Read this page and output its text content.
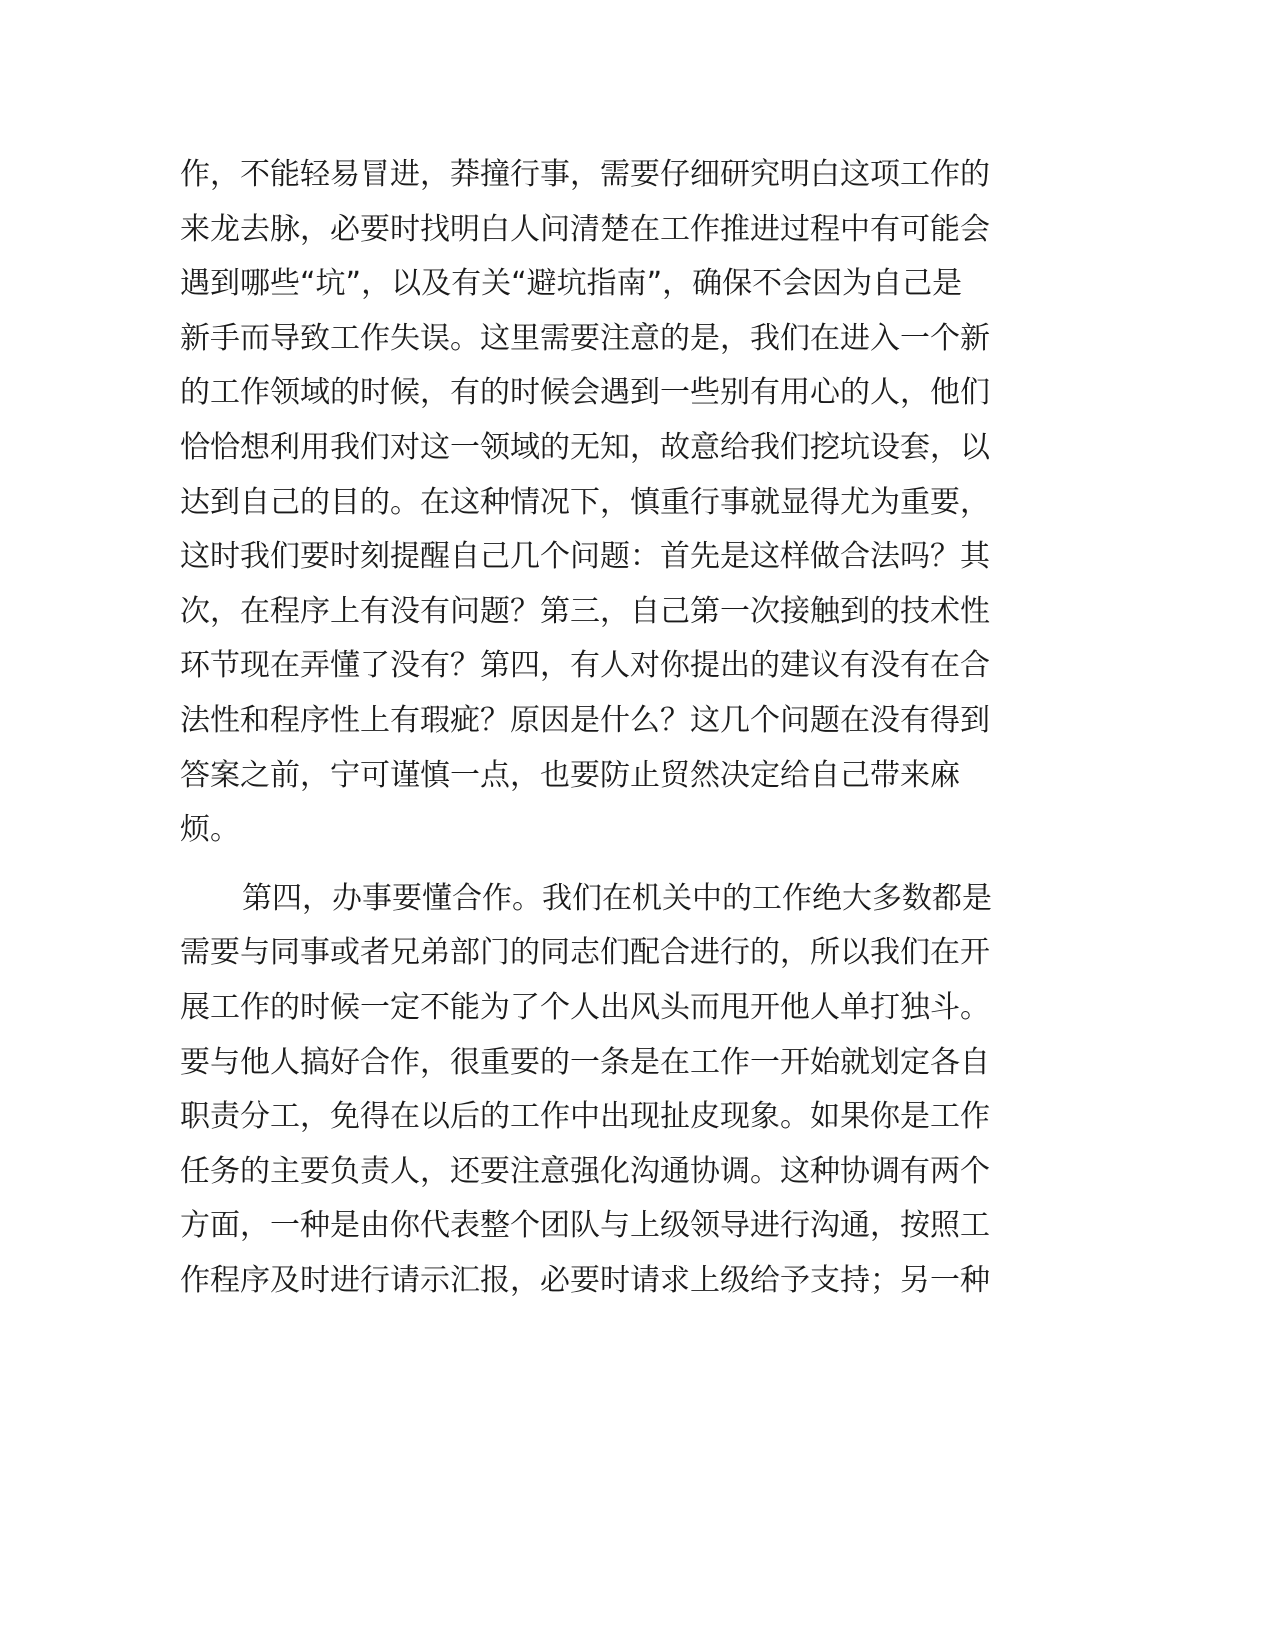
作，不能轻易冒进，莽撞行事，需要仔细研究明白这项工作的
来龙去脉，必要时找明白人问清楚在工作推进过程中有可能会
遇到哪些“坑”，以及有关“避坑指南”，确保不会因为自己是
新手而导致工作失误。这里需要注意的是，我们在进入一个新
的工作领域的时候，有的时候会遇到一些别有用心的人，他们
恰恰想利用我们对这一领域的无知，故意给我们挖坑设套，以
达到自己的目的。在这种情况下，慎重行事就显得尤为重要，
这时我们要时刻提醒自己几个问题：首先是这样做合法吗？其
次，在程序上有没有问题？第三，自己第一次接触到的技术性
环节现在弄懂了没有？第四，有人对你提出的建议有没有在合
法性和程序性上有瑕疵？原因是什么？这几个问题在没有得到
答案之前，宁可谨慎一点，也要防止贸然决定给自己带来麻
烦。
第四，办事要懂合作。我们在机关中的工作绝大多数都是
需要与同事或者兄弟部门的同志们配合进行的，所以我们在开
展工作的时候一定不能为了个人出风头而甩开他人单打独斗。
要与他人搞好合作，很重要的一条是在工作一开始就划定各自
职责分工，免得在以后的工作中出现扯皮现象。如果你是工作
任务的主要负责人，还要注意强化沟通协调。这种协调有两个
方面，一种是由你代表整个团队与上级领导进行沟通，按照工
作程序及时进行请示汇报，必要时请求上级给予支持；另一种
